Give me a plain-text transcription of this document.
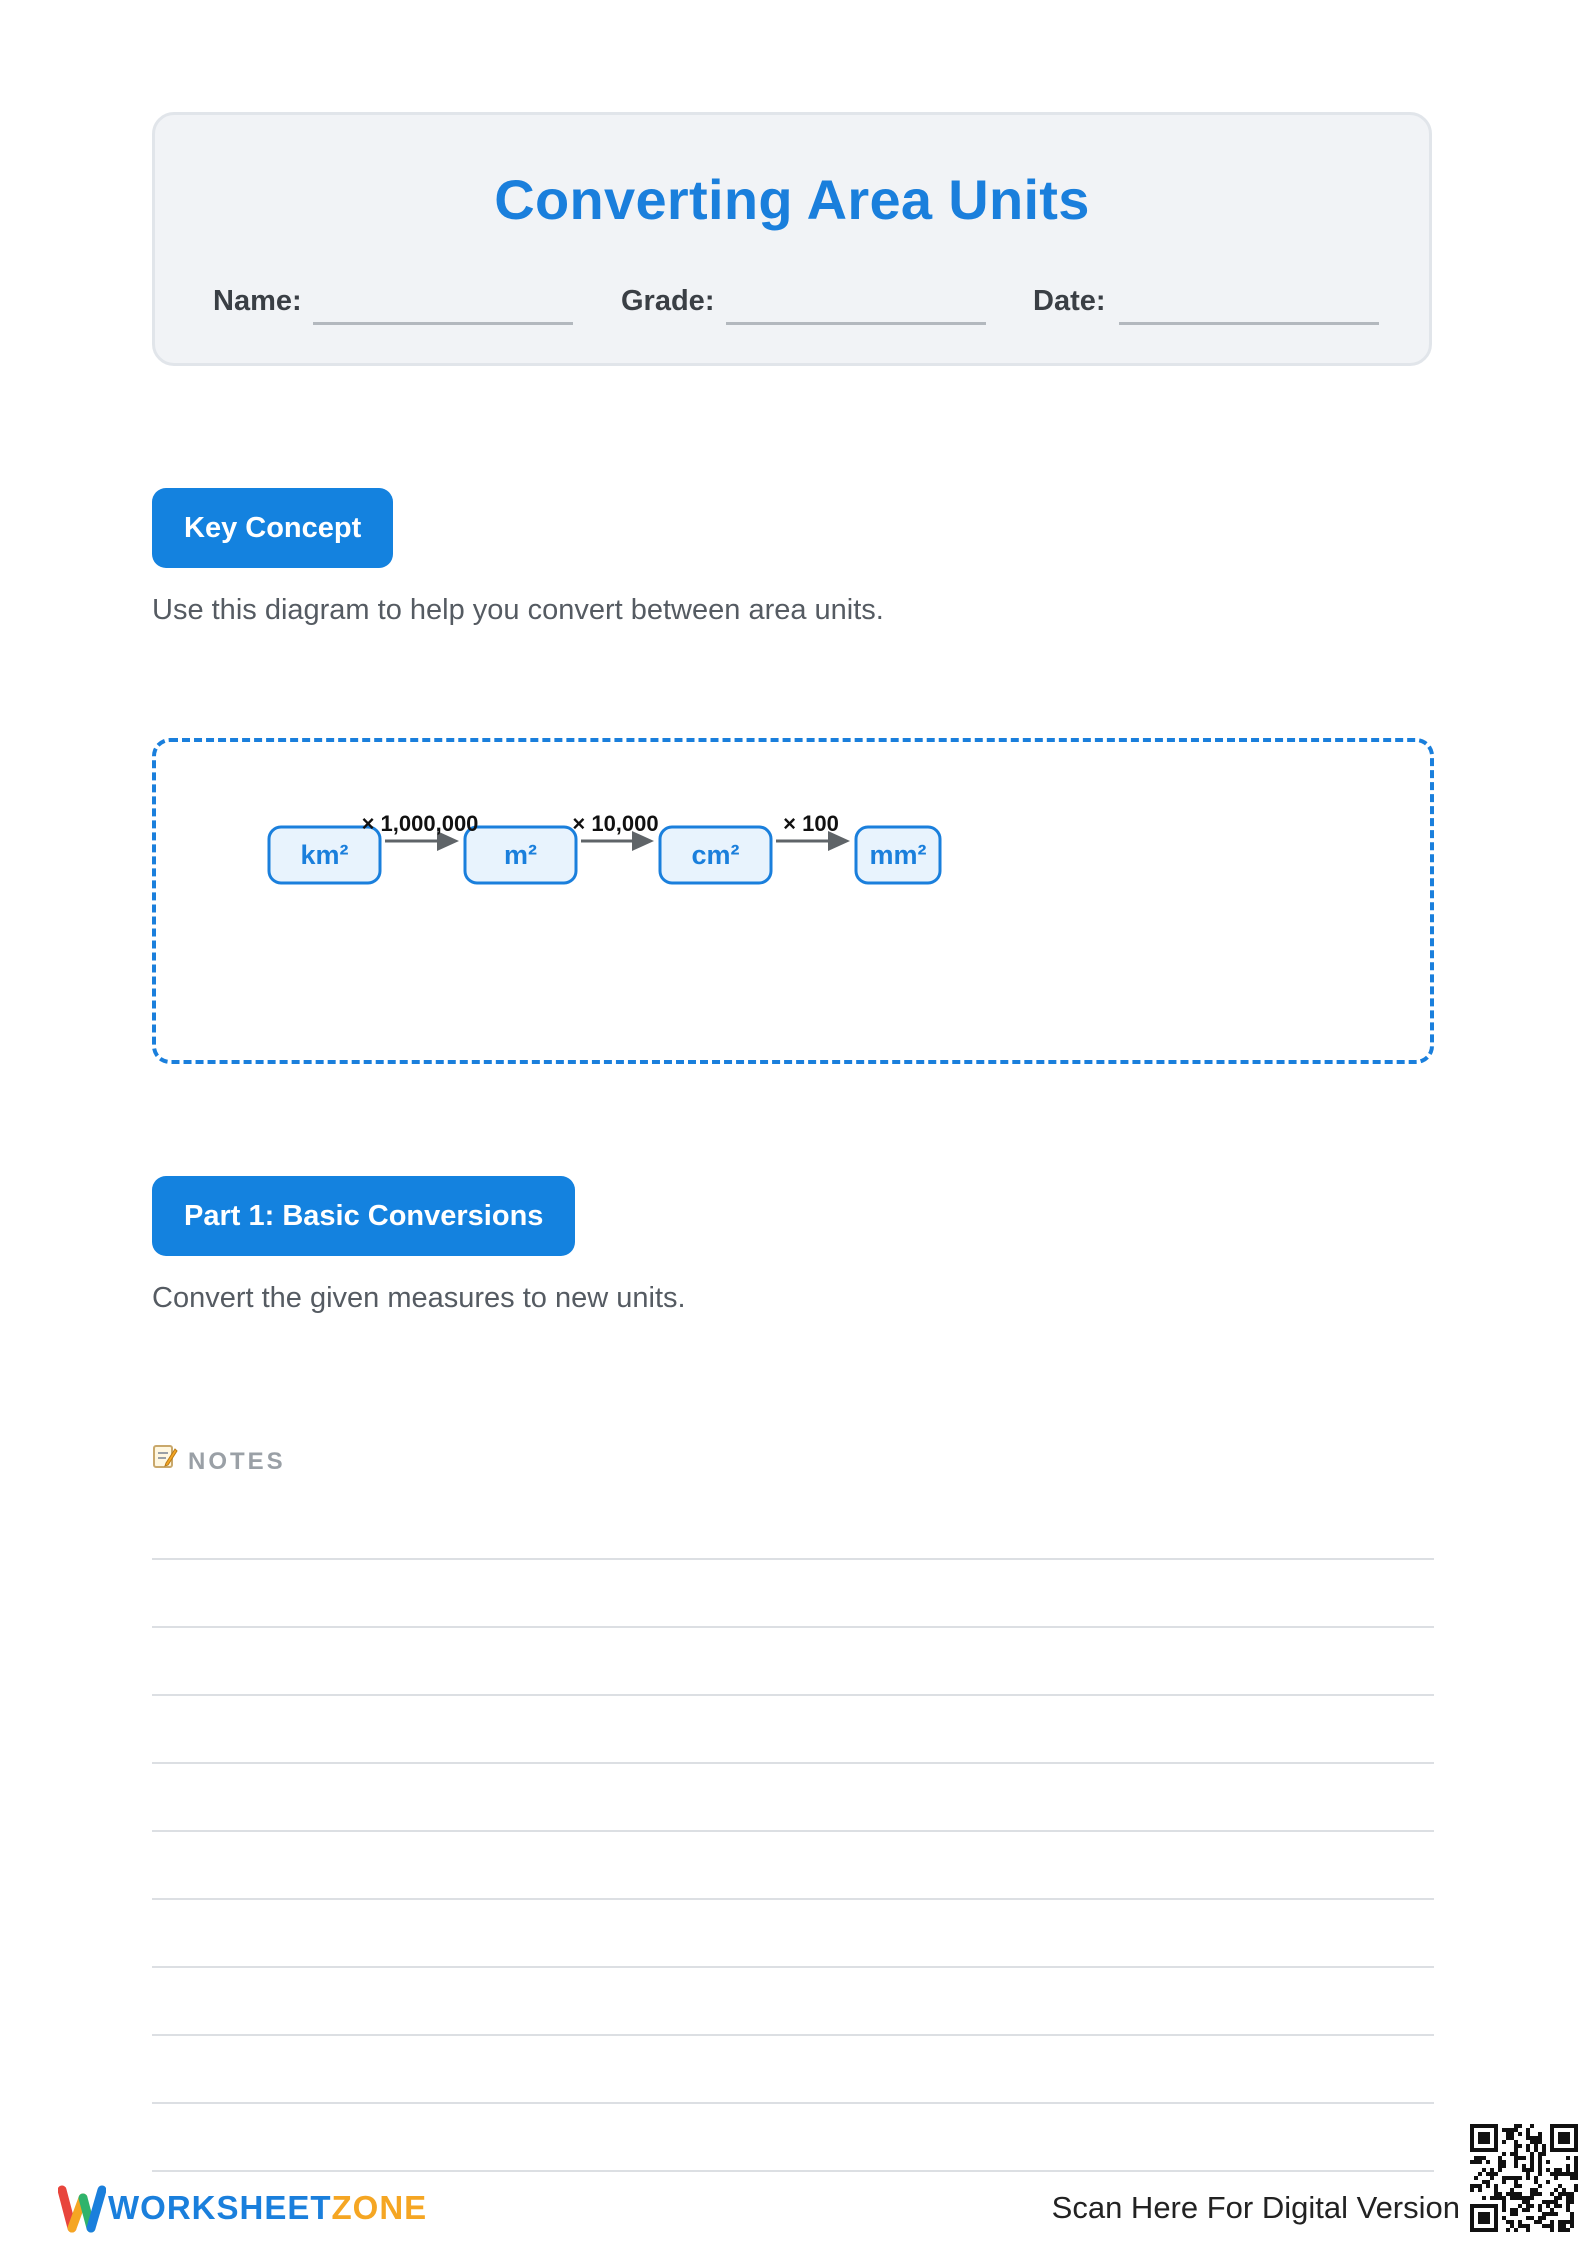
Converting Area Units
Name:	Grade:	Date:
Key Concept
Use this diagram to help you convert between area units.
km²	m²	cm²	mm²
× 1,000,000	× 10,000	× 100
Part 1: Basic Conversions
Convert the given measures to new units.
NOTES
WORKSHEETZONE	Scan Here For Digital Version
